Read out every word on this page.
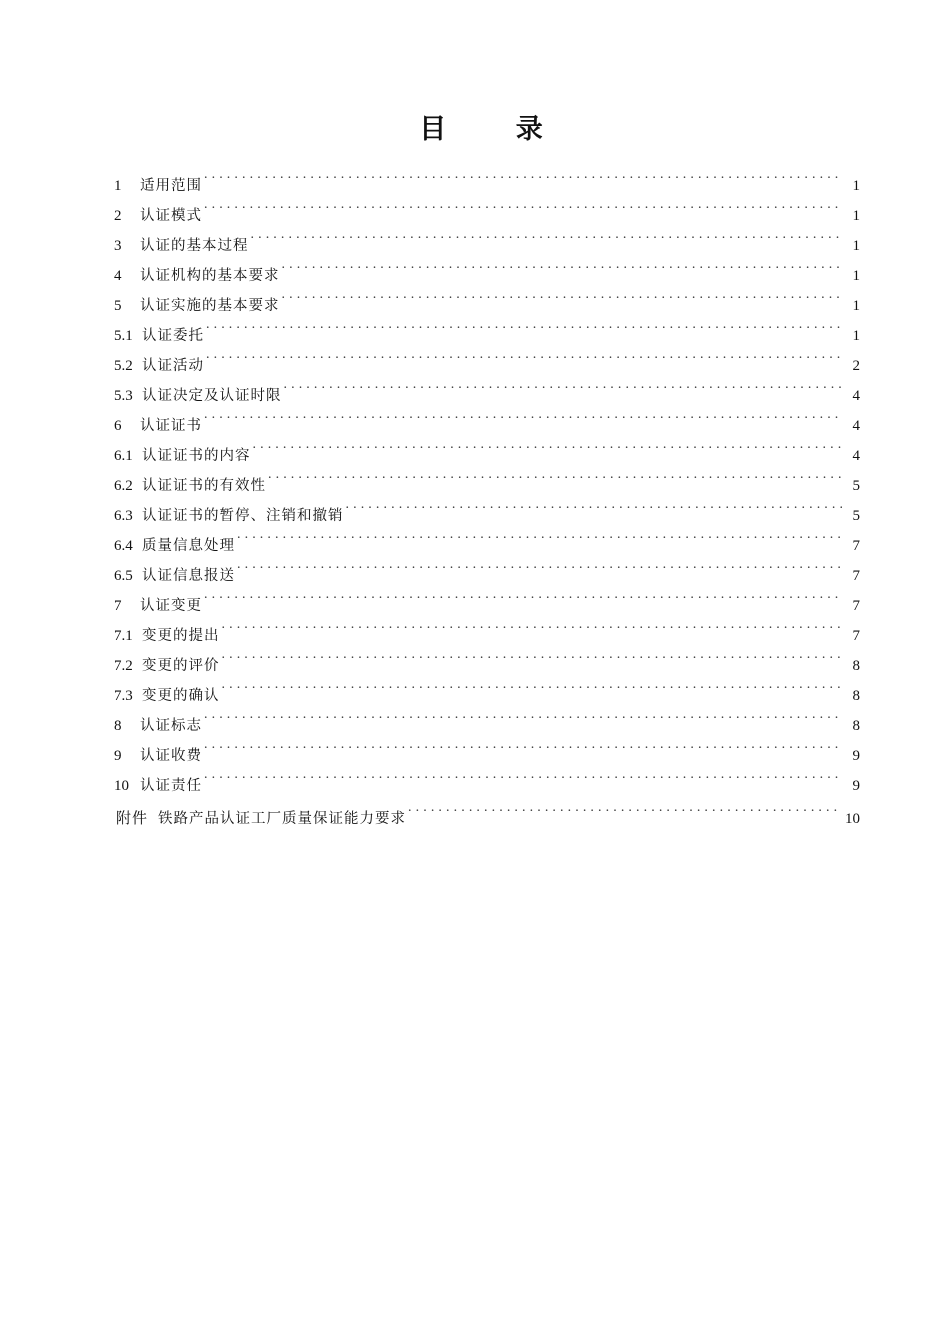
目 录
1	适用范围 . . .	1
2	认证模式 . . .	1
3	认证的基本过程 . . .	1
4	认证机构的基本要求 . . .	1
5	认证实施的基本要求 . . .	1
5.1 认证委托 . . .	1
5.2 认证活动 . . .	2
5.3 认证决定及认证时限 . . .	4
6	认证证书 . . .	4
6.1 认证证书的内容 . . .	4
6.2 认证证书的有效性 . . .	5
6.3 认证证书的暂停、注销和撤销 . . .	5
6.4 质量信息处理 . . .	7
6.5 认证信息报送 . . .	7
7	认证变更 . . .	7
7.1 变更的提出 . . .	7
7.2 变更的评价 . . .	8
7.3 变更的确认 . . .	8
8	认证标志 . . .	8
9	认证收费 . . .	9
10 认证责任 . . .	9
附件 铁路产品认证工厂质量保证能力要求 . . .	10
